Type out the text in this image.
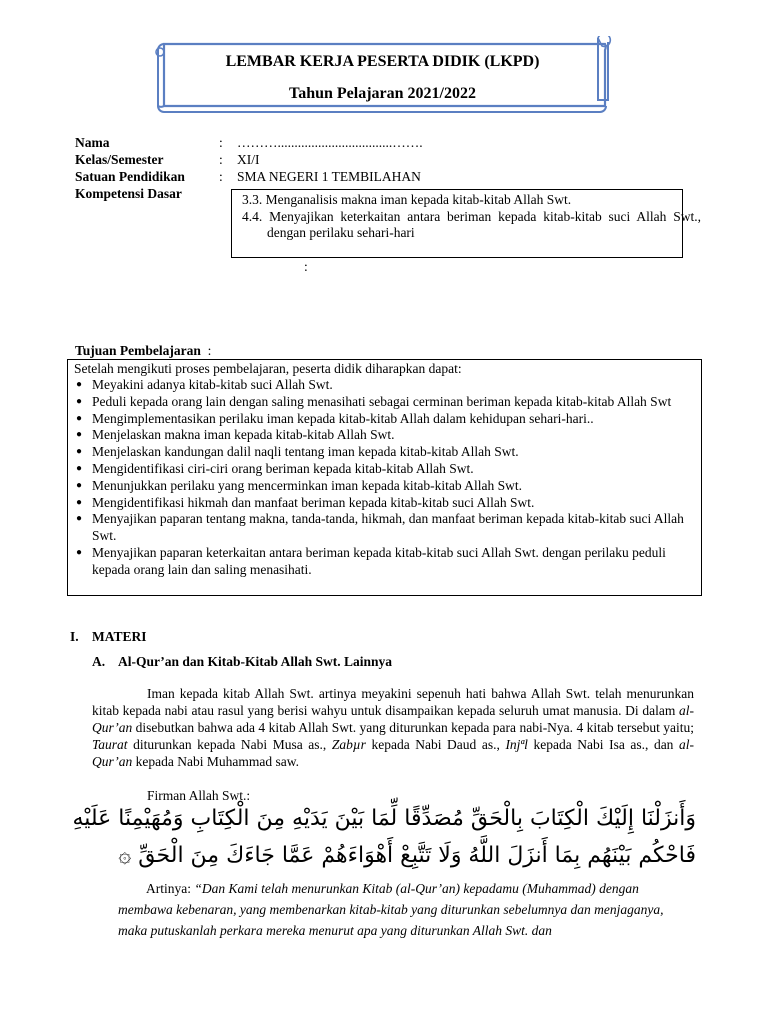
LEMBAR KERJA PESERTA DIDIK (LKPD)
Tahun Pelajaran 2021/2022
Nama	: ………..................................…….
Kelas/Semester	: XI/I
Satuan Pendidikan	: SMA NEGERI 1 TEMBILAHAN
Kompetensi Dasar	3.3. Menganalisis makna iman kepada kitab-kitab Allah Swt.
4.4. Menyajikan keterkaitan antara beriman kepada kitab-kitab suci Allah Swt., dengan perilaku sehari-hari
:
Tujuan Pembelajaran  :
Setelah mengikuti proses pembelajaran, peserta didik diharapkan dapat:
● Meyakini adanya kitab-kitab suci Allah Swt.
● Peduli kepada orang lain dengan saling menasihati sebagai cerminan beriman kepada kitab-kitab Allah Swt
● Mengimplementasikan perilaku iman kepada kitab-kitab Allah dalam kehidupan sehari-hari..
● Menjelaskan makna iman kepada kitab-kitab Allah Swt.
● Menjelaskan kandungan dalil naqli tentang iman kepada kitab-kitab Allah Swt.
● Mengidentifikasi ciri-ciri orang beriman kepada kitab-kitab Allah Swt.
● Menunjukkan perilaku yang mencerminkan iman kepada kitab-kitab Allah Swt.
● Mengidentifikasi hikmah dan manfaat beriman kepada kitab-kitab suci Allah Swt.
● Menyajikan paparan tentang makna, tanda-tanda, hikmah, dan manfaat beriman kepada kitab-kitab suci Allah Swt.
● Menyajikan paparan keterkaitan antara beriman kepada kitab-kitab suci Allah Swt. dengan perilaku peduli kepada orang lain dan saling menasihati.
I. MATERI
A. Al-Qur’an dan Kitab-Kitab Allah Swt. Lainnya

Iman kepada kitab Allah Swt. artinya meyakini sepenuh hati bahwa Allah Swt. telah menurunkan kitab kepada nabi atau rasul yang berisi wahyu untuk disampaikan kepada seluruh umat manusia. Di dalam al- Qur’an disebutkan bahwa ada 4 kitab Allah Swt. yang diturunkan kepada para nabi-Nya. 4 kitab tersebut yaitu; Taurat diturunkan kepada Nabi Musa as., Zabµr kepada Nabi Daud as., Injªl kepada Nabi Isa as., dan al-Qur’an kepada Nabi Muhammad saw.

Firman Allah Swt.:
وَأَنزَلْنَا إِلَيْكَ الْكِتَابَ بِالْحَقِّ مُصَدِّقًا لِّمَا بَيْنَ يَدَيْهِ مِنَ الْكِتَابِ وَمُهَيْمِنًا عَلَيْهِ
فَاحْكُم بَيْنَهُم بِمَا أَنزَلَ اللَّهُ وَلَا تَتَّبِعْ أَهْوَاءَهُمْ عَمَّا جَاءَكَ مِنَ الْحَقِّ ۞

Artinya: “Dan Kami telah menurunkan Kitab (al-Qur’an) kepadamu (Muhammad) dengan membawa kebenaran, yang membenarkan kitab-kitab yang diturunkan sebelumnya dan menjaganya, maka putuskanlah perkara mereka menurut apa yang diturunkan Allah Swt. dan
